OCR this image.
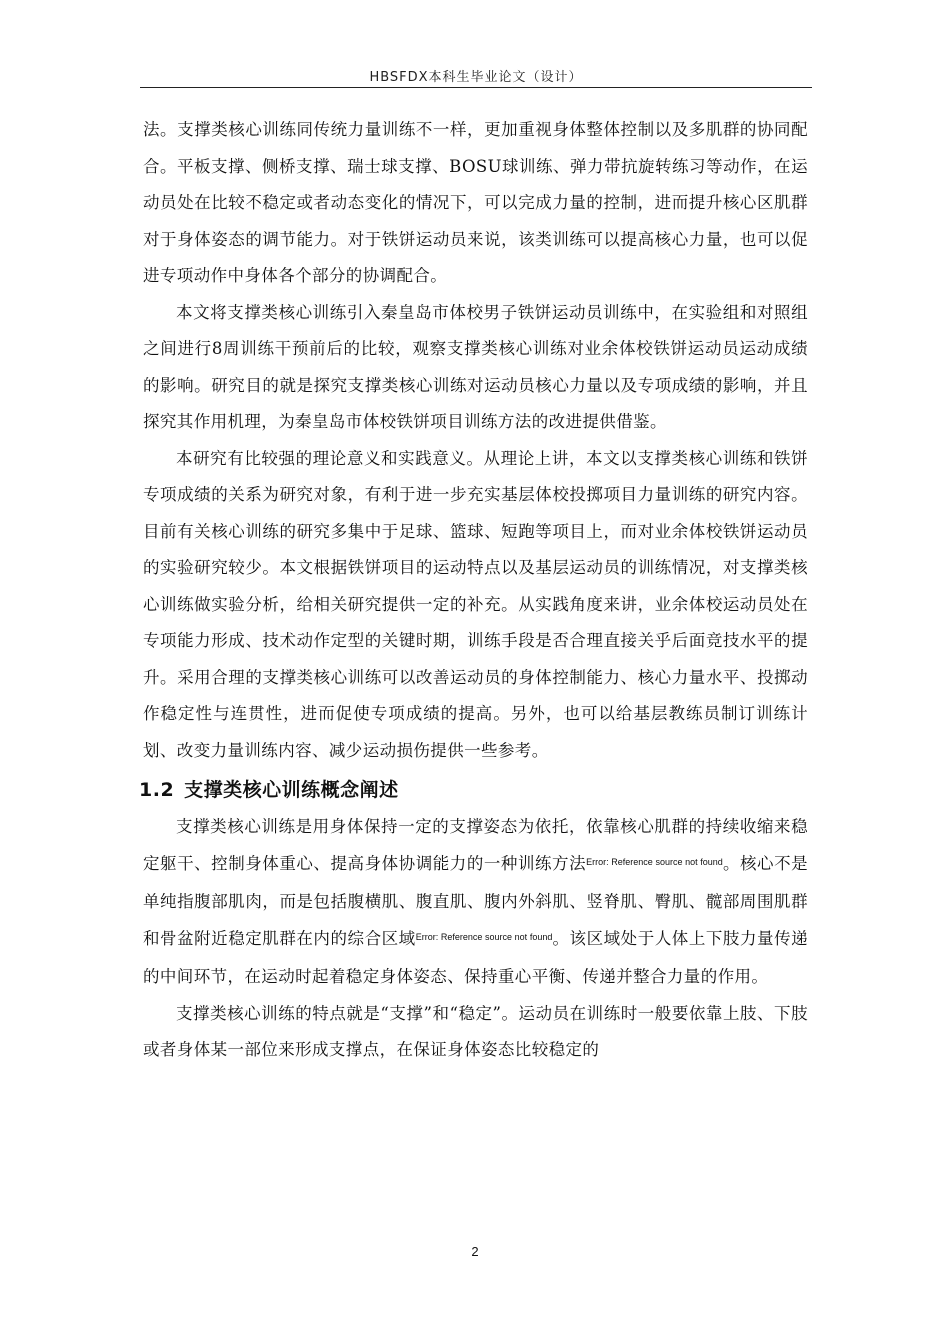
HBSFDX本科生毕业论文（设计）

法。支撑类核心训练同传统力量训练不一样，更加重视身体整体控制以及多肌群的协同配合。平板支撑、侧桥支撑、瑞士球支撑、BOSU球训练、弹力带抗旋转练习等动作，在运动员处在比较不稳定或者动态变化的情况下，可以完成力量的控制，进而提升核心区肌群对于身体姿态的调节能力。对于铁饼运动员来说，该类训练可以提高核心力量，也可以促进专项动作中身体各个部分的协调配合。

本文将支撑类核心训练引入秦皇岛市体校男子铁饼运动员训练中，在实验组和对照组之间进行8周训练干预前后的比较，观察支撑类核心训练对业余体校铁饼运动员运动成绩的影响。研究目的就是探究支撑类核心训练对运动员核心力量以及专项成绩的影响，并且探究其作用机理，为秦皇岛市体校铁饼项目训练方法的改进提供借鉴。

本研究有比较强的理论意义和实践意义。从理论上讲，本文以支撑类核心训练和铁饼专项成绩的关系为研究对象，有利于进一步充实基层体校投掷项目力量训练的研究内容。目前有关核心训练的研究多集中于足球、篮球、短跑等项目上，而对业余体校铁饼运动员的实验研究较少。本文根据铁饼项目的运动特点以及基层运动员的训练情况，对支撑类核心训练做实验分析，给相关研究提供一定的补充。从实践角度来讲，业余体校运动员处在专项能力形成、技术动作定型的关键时期，训练手段是否合理直接关乎后面竞技水平的提升。采用合理的支撑类核心训练可以改善运动员的身体控制能力、核心力量水平、投掷动作稳定性与连贯性，进而促使专项成绩的提高。另外，也可以给基层教练员制订训练计划、改变力量训练内容、减少运动损伤提供一些参考。

1.2 支撑类核心训练概念阐述

支撑类核心训练是用身体保持一定的支撑姿态为依托，依靠核心肌群的持续收缩来稳定躯干、控制身体重心、提高身体协调能力的一种训练方法$^{Error: Reference source not found}$。核心不是单纯指腹部肌肉，而是包括腹横肌、腹直肌、腹内外斜肌、竖脊肌、臀肌、髋部周围肌群和骨盆附近稳定肌群在内的综合区域$^{Error: Reference source not found}$。该区域处于人体上下肢力量传递的中间环节，在运动时起着稳定身体姿态、保持重心平衡、传递并整合力量的作用。

支撑类核心训练的特点就是“支撑”和“稳定”。运动员在训练时一般要依靠上肢、下肢或者身体某一部位来形成支撑点，在保证身体姿态比较稳定的

2
